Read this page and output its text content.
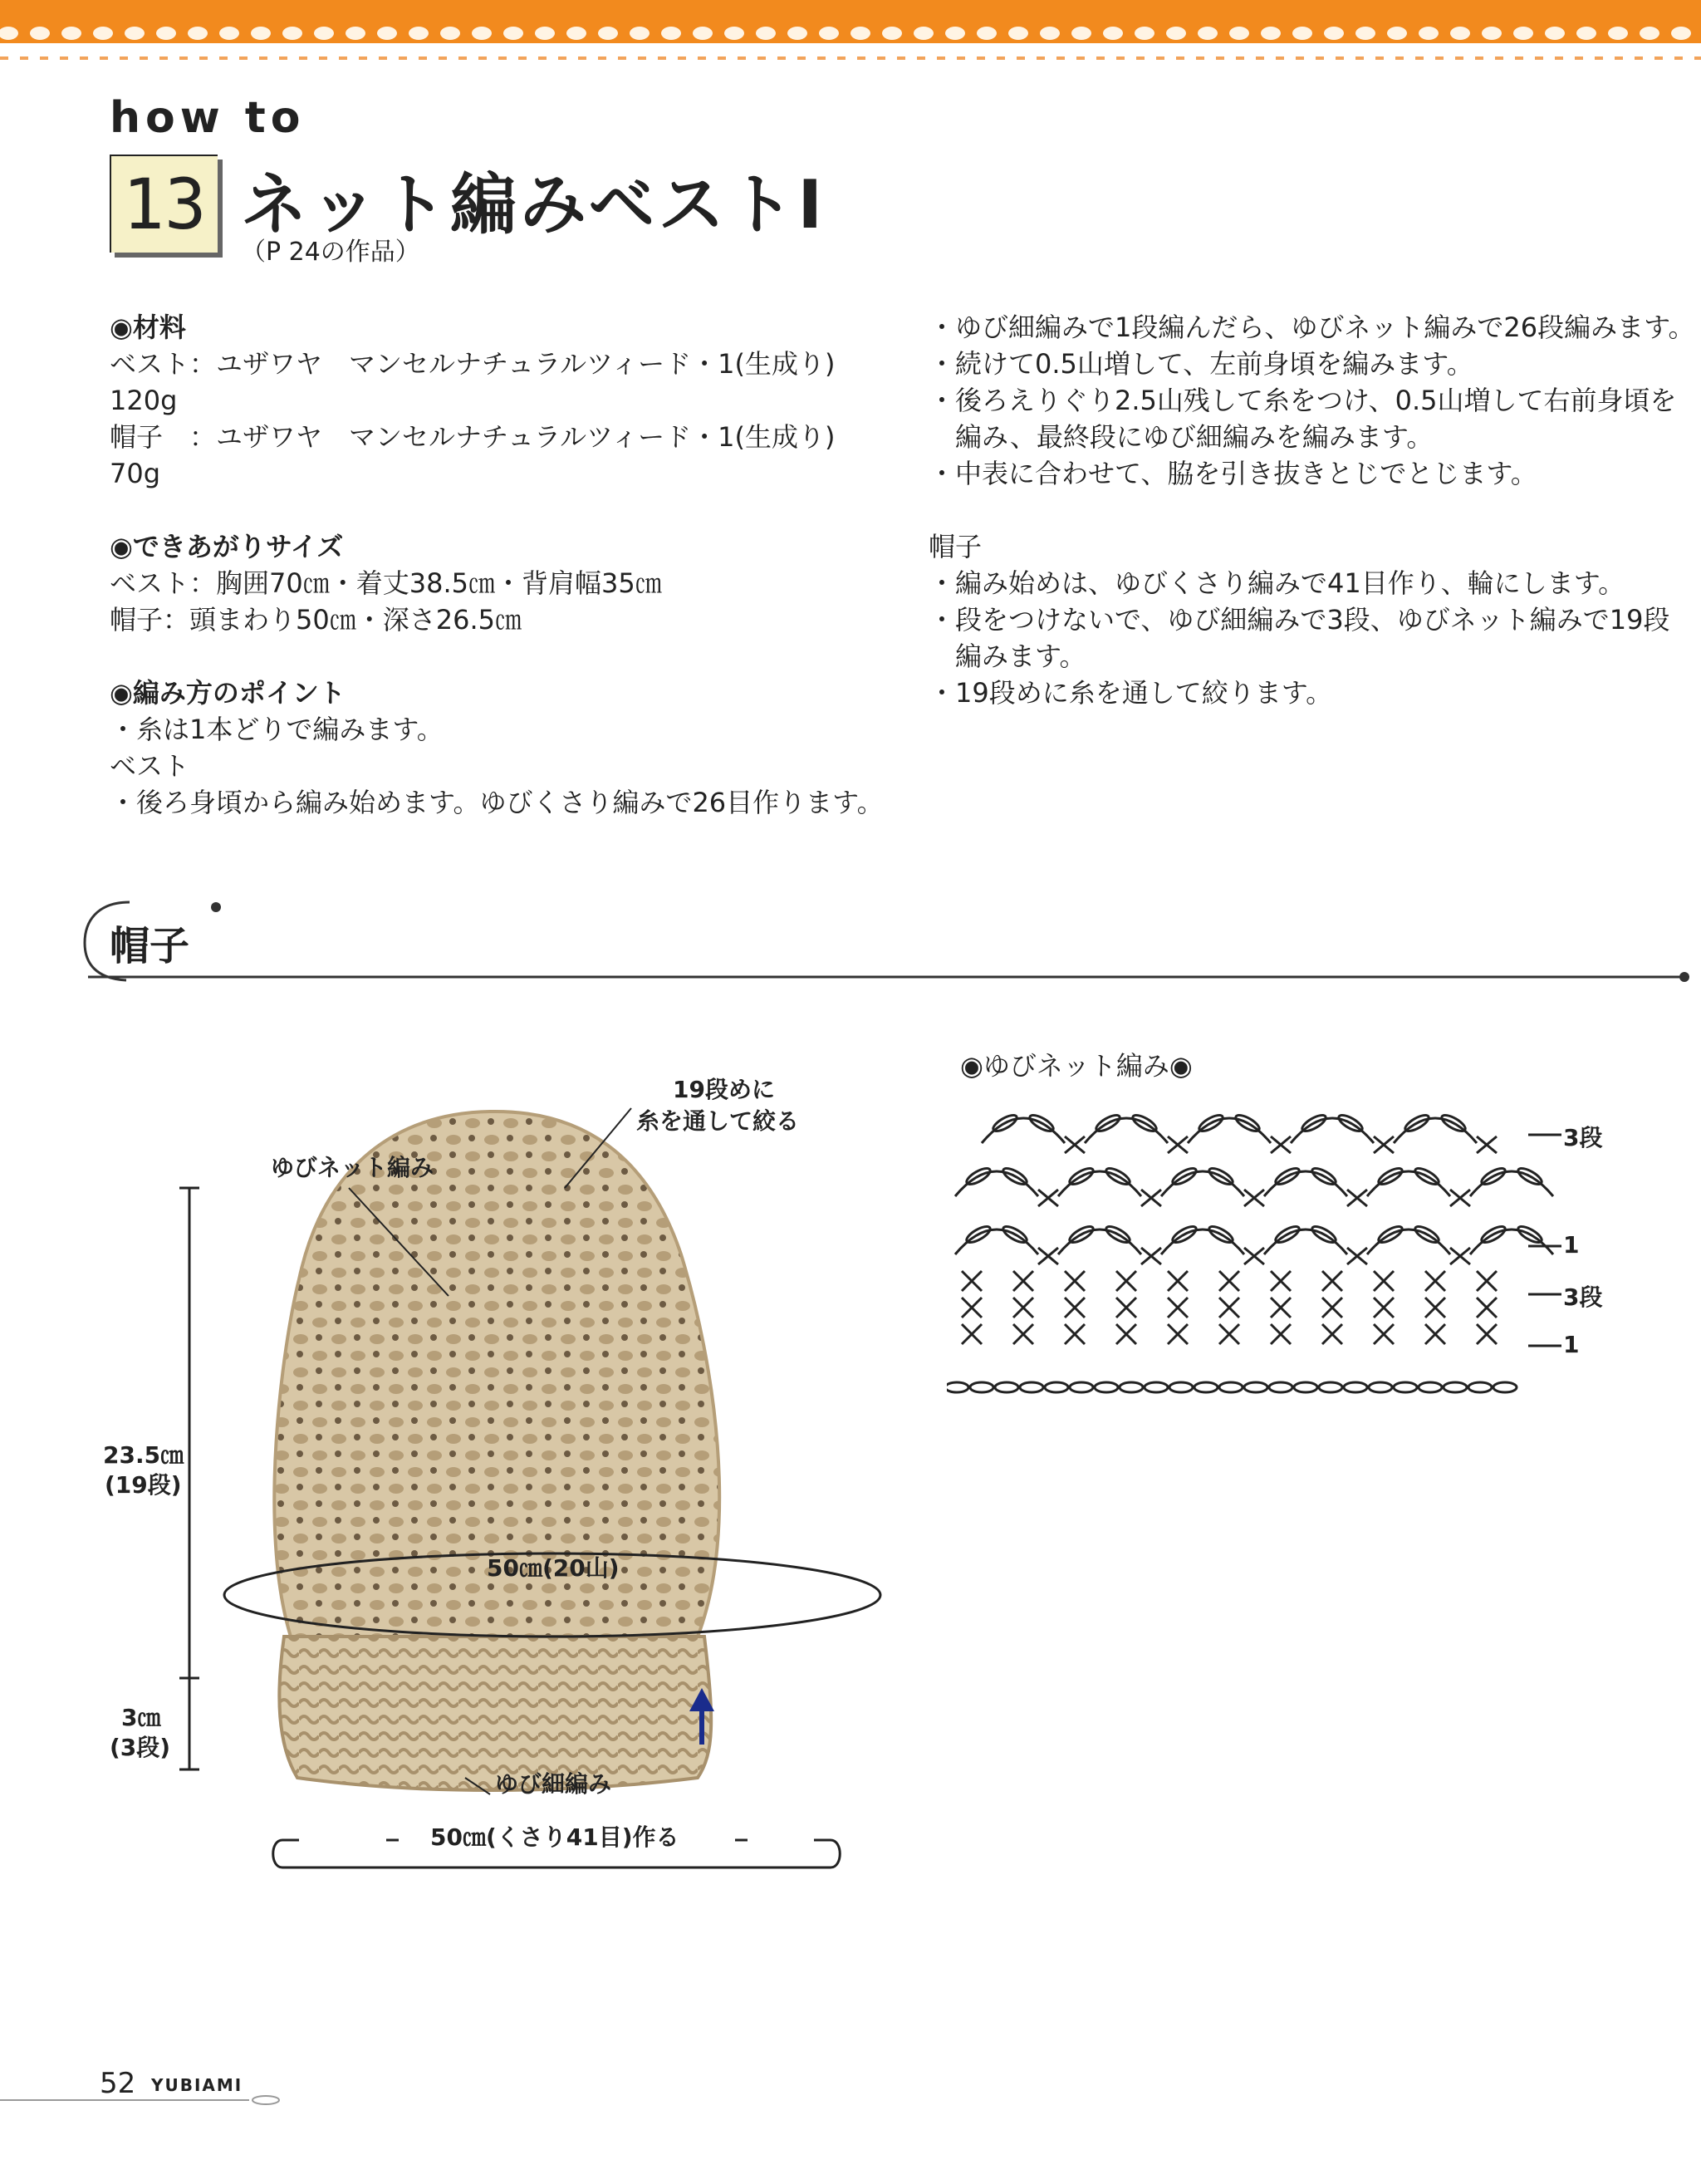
how to
13 ネット編みベストⅠ
（P 24の作品）
◉材料
ベスト：ユザワヤ　マンセルナチュラルツィード・1(生成り)
120g
帽子　：ユザワヤ　マンセルナチュラルツィード・1(生成り)
70g
◉できあがりサイズ
ベスト：胸囲70㎝・着丈38.5㎝・背肩幅35㎝
帽子：頭まわり50㎝・深さ26.5㎝
◉編み方のポイント
・糸は1本どりで編みます。
ベスト
・後ろ身頃から編み始めます。ゆびくさり編みで26目作ります。
・ゆび細編みで1段編んだら、ゆびネット編みで26段編みます。
・続けて0.5山増して、左前身頃を編みます。
・後ろえりぐり2.5山残して糸をつけ、0.5山増して右前身頃を
　編み、最終段にゆび細編みを編みます。
・中表に合わせて、脇を引き抜きとじでとじます。
帽子
・編み始めは、ゆびくさり編みで41目作り、輪にします。
・段をつけないで、ゆび細編みで3段、ゆびネット編みで19段
　編みます。
・19段めに糸を通して絞ります。
帽子
19段めに
糸を通して絞る
ゆびネット編み
23.5㎝
(19段)
3㎝
(3段)
50㎝(20山)
ゆび細編み
50㎝(くさり41目)作る
◉ゆびネット編み◉
3段
1
3段
1
52 YUBIAMI
